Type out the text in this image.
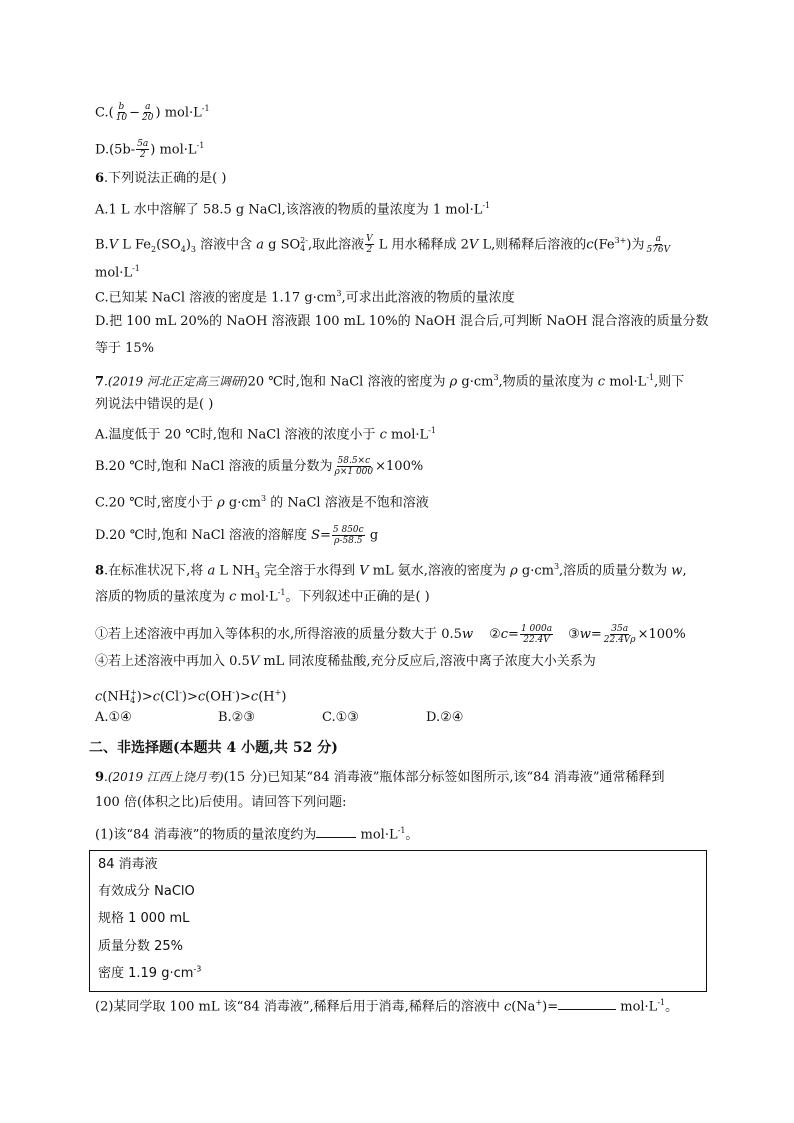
$C.( \frac{b}{10} - \frac{a}{20}$ ) $mol\cdot L^{-1}$
$D.(5b- \frac{5a}{2}$ ) $mol\cdot L^{-1}$
6.下列说法正确的是( )
A.1 L 水中溶解了 58.5 g NaCl,该溶液的物质的量浓度为 1 $mol\cdot L^{-1}$
B.V L $Fe_2(SO_4)_3$ 溶液中含 a g SO 2-
4 ,取此溶液 $\frac{V}{2}$ L 用水稀释成 2V L,则稀释后溶液的$c(Fe^{3+})$为 $\frac{a}{576V}$
$mol\cdot L^{-1}$
C.已知某 NaCl 溶液的密度是 1.17 $g\cdot cm^3$,可求出此溶液的物质的量浓度
D.把 100 mL 20%的 NaOH 溶液跟 100 mL 10%的 NaOH 混合后,可判断 NaOH 混合溶液的质量分数
等于 15%
7.(2019 河北正定高三调研)20 ℃时,饱和 NaCl 溶液的密度为 ρ $g\cdot cm^3$,物质的量浓度为 c $mol\cdot L^{-1}$,则下
列说法中错误的是( )
A.温度低于 20 ℃时,饱和 NaCl 溶液的浓度小于 c $mol\cdot L^{-1}$
B.20 ℃时,饱和 NaCl 溶液的质量分数为 $\frac{58.5\times c}{\rho\times 1 000} \times 100\%$
C.20 ℃时,密度小于 ρ $g\cdot cm^3$ 的 NaCl 溶液是不饱和溶液
D.20 ℃时,饱和 NaCl 溶液的溶解度 $S= \frac{5 850c}{\rho-58.5}$ g
8.在标准状况下,将 a L $NH_3$ 完全溶于水得到 V mL 氨水,溶液的密度为 ρ $g\cdot cm^3$,溶质的质量分数为 w,
溶质的物质的量浓度为 c $mol\cdot L^{-1}$。下列叙述中正确的是( )
①若上述溶液中再加入等体积的水,所得溶液的质量分数大于 0.5w ②c= $\frac{1 000a}{22.4V}$ ③w= $\frac{35a}{22.4V\rho} \times 100\%$
④若上述溶液中再加入 0.5V mL 同浓度稀盐酸,充分反应后,溶液中离子浓度大小关系为
c(N H +
4 )>c(Cl-)>c(OH-)>c(H+)
A.①④	B.②③	C.①③	D.②④
二、非选择题(本题共 4 小题,共 52 分)
9.(2019 江西上饶月考)(15 分)已知某“84 消毒液”瓶体部分标签如图所示,该“84 消毒液”通常稀释到
100 倍(体积之比)后使用。请回答下列问题:
(1)该“84 消毒液”的物质的量浓度约为	$mol\cdot L^{-1}$。
84 消毒液
有效成分 NaClO
规格 1 000 mL
质量分数 25%
密度 1.19 $g\cdot cm^{-3}$
(2)某同学取 100 mL 该“84 消毒液”,稀释后用于消毒,稀释后的溶液中 c(Na+)=	$mol\cdot L^{-1}$。
